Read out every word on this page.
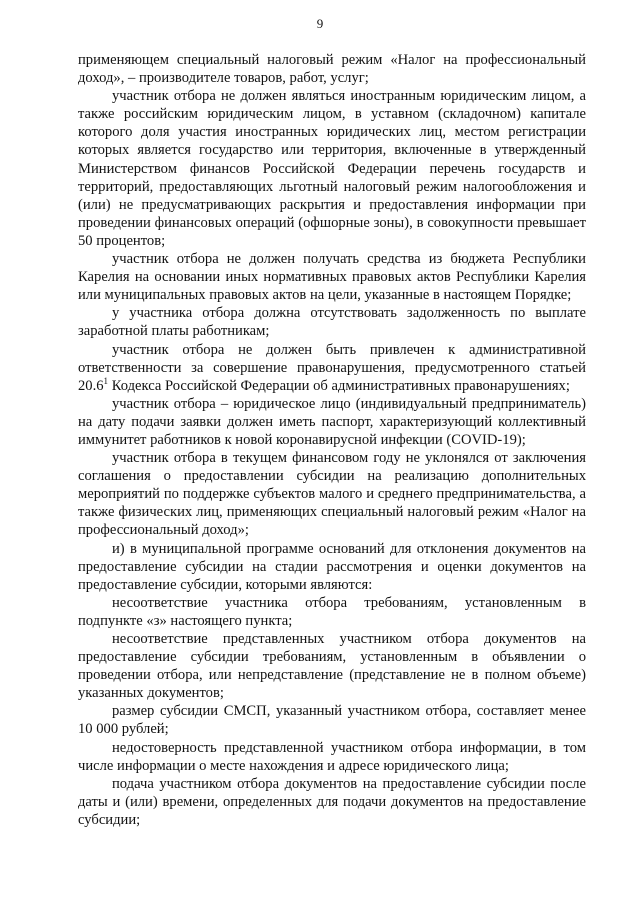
9

применяющем специальный налоговый режим «Налог на профессиональный доход», – производителе товаров, работ, услуг;

участник отбора не должен являться иностранным юридическим лицом, а также российским юридическим лицом, в уставном (складочном) капитале которого доля участия иностранных юридических лиц, местом регистрации которых является государство или территория, включенные в утвержденный Министерством финансов Российской Федерации перечень государств и территорий, предоставляющих льготный налоговый режим налогообложения и (или) не предусматривающих раскрытия и предоставления информации при проведении финансовых операций (офшорные зоны), в совокупности превышает 50 процентов;

участник отбора не должен получать средства из бюджета Республики Карелия на основании иных нормативных правовых актов Республики Карелия или муниципальных правовых актов на цели, указанные в настоящем Порядке;

у участника отбора должна отсутствовать задолженность по выплате заработной платы работникам;

участник отбора не должен быть привлечен к административной ответственности за совершение правонарушения, предусмотренного статьей 20.6$^1$ Кодекса Российской Федерации об административных правонарушениях;

участник отбора – юридическое лицо (индивидуальный предприниматель) на дату подачи заявки должен иметь паспорт, характеризующий коллективный иммунитет работников к новой коронавирусной инфекции (COVID-19);

участник отбора в текущем финансовом году не уклонялся от заключения соглашения о предоставлении субсидии на реализацию дополнительных мероприятий по поддержке субъектов малого и среднего предпринимательства, а также физических лиц, применяющих специальный налоговый режим «Налог на профессиональный доход»;

и) в муниципальной программе оснований для отклонения документов на предоставление субсидии на стадии рассмотрения и оценки документов на предоставление субсидии, которыми являются:

несоответствие участника отбора требованиям, установленным в подпункте «з» настоящего пункта;

несоответствие представленных участником отбора документов на предоставление субсидии требованиям, установленным в объявлении о проведении отбора, или непредставление (представление не в полном объеме) указанных документов;

размер субсидии СМСП, указанный участником отбора, составляет менее 10 000 рублей;

недостоверность представленной участником отбора информации, в том числе информации о месте нахождения и адресе юридического лица;

подача участником отбора документов на предоставление субсидии после даты и (или) времени, определенных для подачи документов на предоставление субсидии;
